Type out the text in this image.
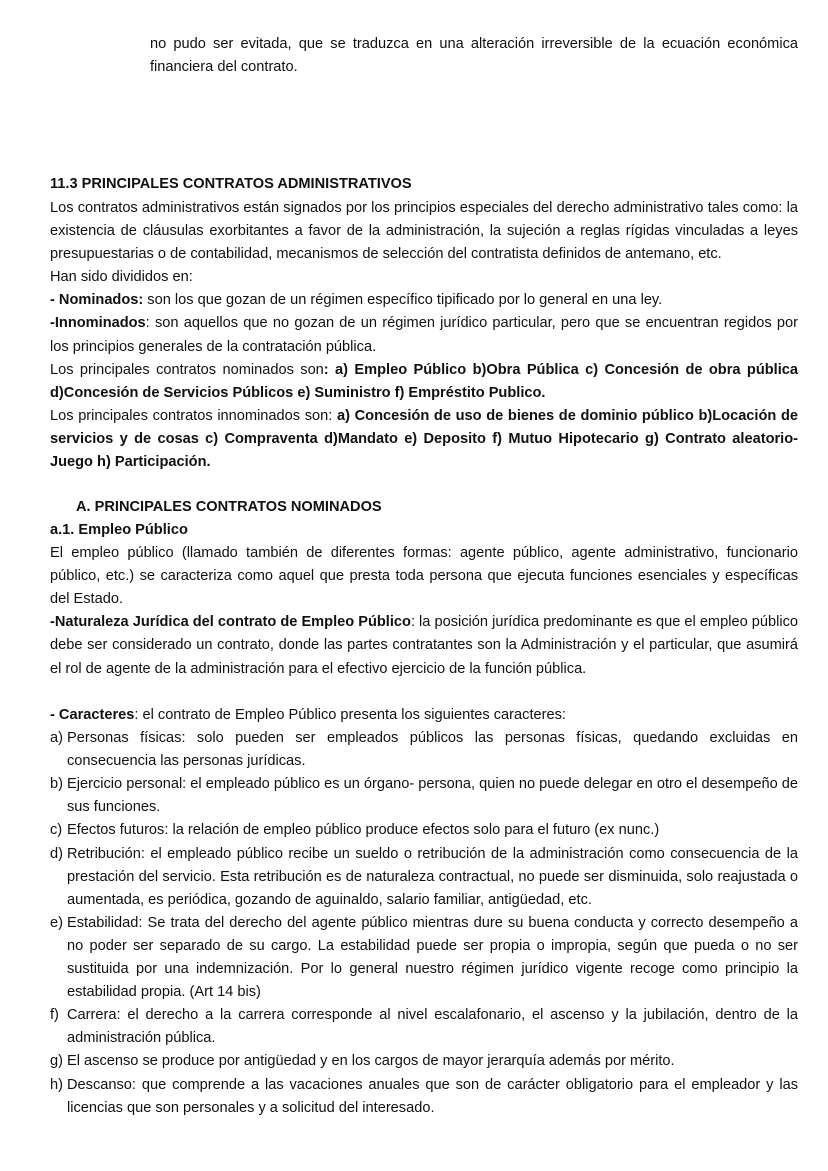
no pudo ser evitada, que se traduzca en una alteración irreversible de la ecuación económica financiera del contrato.

11.3 PRINCIPALES CONTRATOS ADMINISTRATIVOS

Los contratos administrativos están signados por los principios especiales del derecho administrativo tales como: la existencia de cláusulas exorbitantes a favor de la administración, la sujeción a reglas rígidas vinculadas a leyes presupuestarias o de contabilidad, mecanismos de selección del contratista definidos de antemano, etc.

Han sido divididos en:

- Nominados: son los que gozan de un régimen específico tipificado por lo general en una ley.

-Innominados: son aquellos que no gozan de un régimen jurídico particular, pero que se encuentran regidos por los principios generales de la contratación pública.

Los principales contratos nominados son: a) Empleo Público b)Obra Pública c) Concesión de obra pública d)Concesión de Servicios Públicos e) Suministro f) Empréstito Publico.

Los principales contratos innominados son: a) Concesión de uso de bienes de dominio público b)Locación de servicios y de cosas c) Compraventa d)Mandato e) Deposito f) Mutuo Hipotecario g) Contrato aleatorio- Juego h) Participación.

A. PRINCIPALES CONTRATOS NOMINADOS

a.1. Empleo Público

El empleo público (llamado también de diferentes formas: agente público, agente administrativo, funcionario público, etc.) se caracteriza como aquel que presta toda persona que ejecuta funciones esenciales y específicas del Estado.

-Naturaleza Jurídica del contrato de Empleo Público: la posición jurídica predominante es que el empleo público debe ser considerado un contrato, donde las partes contratantes son la Administración y el particular, que asumirá el rol de agente de la administración para el efectivo ejercicio de la función pública.

- Caracteres: el contrato de Empleo Público presenta los siguientes caracteres:

a) Personas físicas: solo pueden ser empleados públicos las personas físicas, quedando excluidas en consecuencia las personas jurídicas.
b) Ejercicio personal: el empleado público es un órgano- persona, quien no puede delegar en otro el desempeño de sus funciones.
c) Efectos futuros: la relación de empleo público produce efectos solo para el futuro (ex nunc.)
d) Retribución: el empleado público recibe un sueldo o retribución de la administración como consecuencia de la prestación del servicio. Esta retribución es de naturaleza contractual, no puede ser disminuida, solo reajustada o aumentada, es periódica, gozando de aguinaldo, salario familiar, antigüedad, etc.
e) Estabilidad: Se trata del derecho del agente público mientras dure su buena conducta y correcto desempeño a no poder ser separado de su cargo. La estabilidad puede ser propia o impropia, según que pueda o no ser sustituida por una indemnización. Por lo general nuestro régimen jurídico vigente recoge como principio la estabilidad propia. (Art 14 bis)
f) Carrera: el derecho a la carrera corresponde al nivel escalafonario, el ascenso y la jubilación, dentro de la administración pública.
g) El ascenso se produce por antigüedad y en los cargos de mayor jerarquía además por mérito.
h) Descanso: que comprende a las vacaciones anuales que son de carácter obligatorio para el empleador y las licencias que son personales y a solicitud del interesado.
